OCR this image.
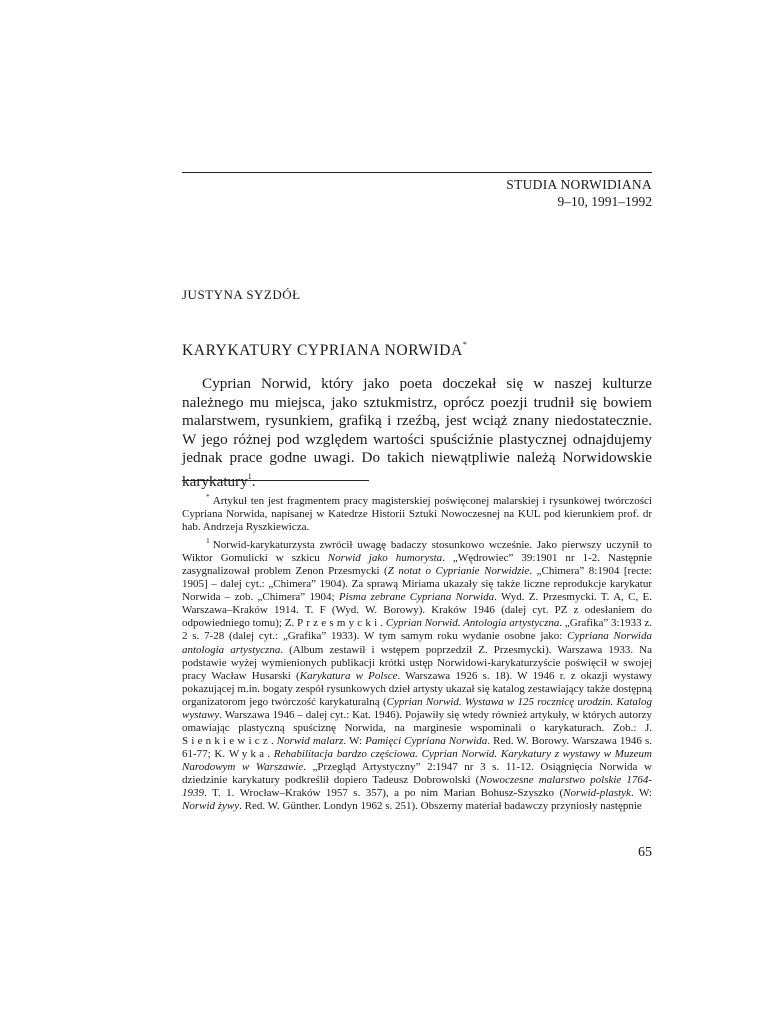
STUDIA NORWIDIANA
9–10, 1991–1992
JUSTYNA SYZDÓŁ
KARYKATURY CYPRIANA NORWIDA*

Cyprian Norwid, który jako poeta doczekał się w naszej kulturze należnego mu miejsca, jako sztukmistrz, oprócz poezji trudnił się bowiem malarstwem, rysunkiem, grafiką i rzeźbą, jest wciąż znany niedostatecznie. W jego różnej pod względem wartości spuściźnie plastycznej odnajdujemy jednak prace godne uwagi. Do takich niewątpliwie należą Norwidowskie karykatury$^1$.

* Artykuł ten jest fragmentem pracy magisterskiej poświęconej malarskiej i rysunkowej twórczości Cypriana Norwida, napisanej w Katedrze Historii Sztuki Nowoczesnej na KUL pod kierunkiem prof. dr hab. Andrzeja Ryszkiewicza.

$^1$ Norwid-karykaturzysta zwrócił uwagę badaczy stosunkowo wcześnie. Jako pierwszy uczynił to Wiktor Gomulicki w szkicu Norwid jako humorysta. „Wędrowiec” 39:1901 nr 1-2. Następnie zasygnalizował problem Zenon Przesmycki (Z notat o Cyprianie Norwidzie. „Chimera” 8:1904 [recte: 1905] – dalej cyt.: „Chimera” 1904). Za sprawą Miriama ukazały się także liczne reprodukcje karykatur Norwida – zob. „Chimera” 1904; Pisma zebrane Cypriana Norwida. Wyd. Z. Przesmycki. T. A, C, E. Warszawa–Kraków 1914. T. F (Wyd. W. Borowy). Kraków 1946 (dalej cyt. PZ z odesłaniem do odpowiedniego tomu); Z. Przesmycki. Cyprian Norwid. Antologia artystyczna. „Grafika” 3:1933 z. 2 s. 7-28 (dalej cyt.: „Grafika” 1933). W tym samym roku wydanie osobne jako: Cypriana Norwida antologia artystyczna. (Album zestawił i wstępem poprzedził Z. Przesmycki). Warszawa 1933. Na podstawie wyżej wymienionych publikacji krótki ustęp Norwidowi-karykaturzyście poświęcił w swojej pracy Wacław Husarski (Karykatura w Polsce. Warszawa 1926 s. 18). W 1946 r. z okazji wystawy pokazującej m.in. bogaty zespół rysunkowych dzieł artysty ukazał się katalog zestawiający także dostępną organizatorom jego twórczość karykaturalną (Cyprian Norwid. Wystawa w 125 rocznicę urodzin. Katalog wystawy. Warszawa 1946 – dalej cyt.: Kat. 1946). Pojawiły się wtedy również artykuły, w których autorzy omawiając plastyczną spuściznę Norwida, na marginesie wspominali o karykaturach. Zob.: J. Sienkiewicz. Norwid malarz. W: Pamięci Cypriana Norwida. Red. W. Borowy. Warszawa 1946 s. 61-77; K. Wyka. Rehabilitacja bardzo częściowa. Cyprian Norwid. Karykatury z wystawy w Muzeum Narodowym w Warszawie. „Przegląd Artystyczny” 2:1947 nr 3 s. 11-12. Osiągnięcia Norwida w dziedzinie karykatury podkreślił dopiero Tadeusz Dobrowolski (Nowoczesne malarstwo polskie 1764-1939. T. 1. Wrocław–Kraków 1957 s. 357), a po nim Marian Bohusz-Szyszko (Norwid-plastyk. W: Norwid żywy. Red. W. Günther. Londyn 1962 s. 251). Obszerny materiał badawczy przyniosły następnie

65
